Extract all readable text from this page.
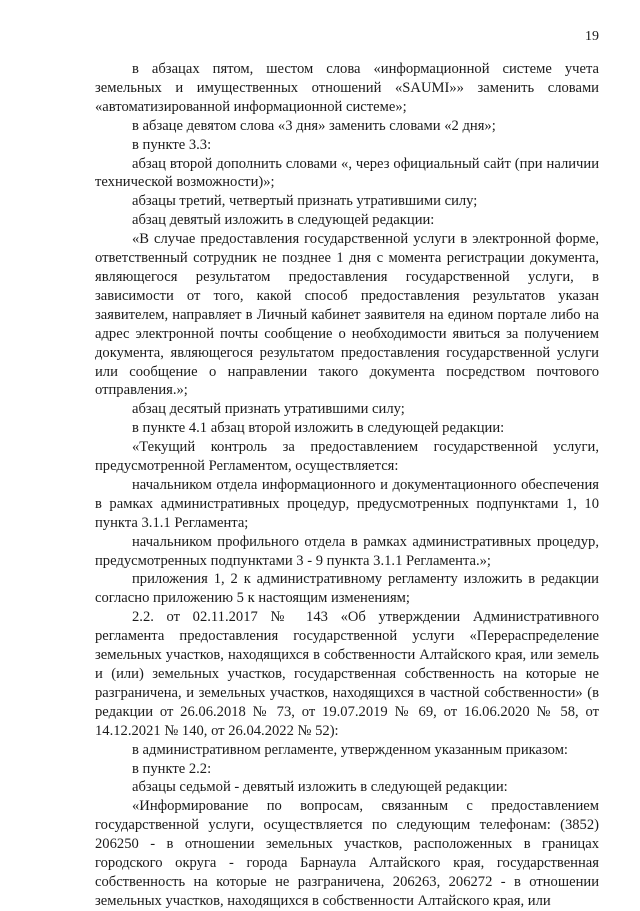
19

в абзацах пятом, шестом слова «информационной системе учета земельных и имущественных отношений «SAUMI»» заменить словами «автоматизированной информационной системе»;

в абзаце девятом слова «3 дня» заменить словами «2 дня»;

в пункте 3.3:

абзац второй дополнить словами «, через официальный сайт (при наличии технической возможности)»;

абзацы третий, четвертый признать утратившими силу;

абзац девятый изложить в следующей редакции:

«В случае предоставления государственной услуги в электронной форме, ответственный сотрудник не позднее 1 дня с момента регистрации документа, являющегося результатом предоставления государственной услуги, в зависимости от того, какой способ предоставления результатов указан заявителем, направляет в Личный кабинет заявителя на едином портале либо на адрес электронной почты сообщение о необходимости явиться за получением документа, являющегося результатом предоставления государственной услуги или сообщение о направлении такого документа посредством почтового отправления.»;

абзац десятый признать утратившими силу;

в пункте 4.1 абзац второй изложить в следующей редакции:

«Текущий контроль за предоставлением государственной услуги, предусмотренной Регламентом, осуществляется:

начальником отдела информационного и документационного обеспечения в рамках административных процедур, предусмотренных подпунктами 1, 10 пункта 3.1.1 Регламента;

начальником профильного отдела в рамках административных процедур, предусмотренных подпунктами 3 - 9 пункта 3.1.1 Регламента.»;

приложения 1, 2 к административному регламенту изложить в редакции согласно приложению 5 к настоящим изменениям;

2.2. от 02.11.2017 № 143 «Об утверждении Административного регламента предоставления государственной услуги «Перераспределение земельных участков, находящихся в собственности Алтайского края, или земель и (или) земельных участков, государственная собственность на которые не разграничена, и земельных участков, находящихся в частной собственности» (в редакции от 26.06.2018 № 73, от 19.07.2019 № 69, от 16.06.2020 № 58, от 14.12.2021 № 140, от 26.04.2022 № 52):

в административном регламенте, утвержденном указанным приказом:

в пункте 2.2:

абзацы седьмой - девятый изложить в следующей редакции:

«Информирование по вопросам, связанным с предоставлением государственной услуги, осуществляется по следующим телефонам: (3852) 206250 - в отношении земельных участков, расположенных в границах городского округа - города Барнаула Алтайского края, государственная собственность на которые не разграничена, 206263, 206272 - в отношении земельных участков, находящихся в собственности Алтайского края, или
